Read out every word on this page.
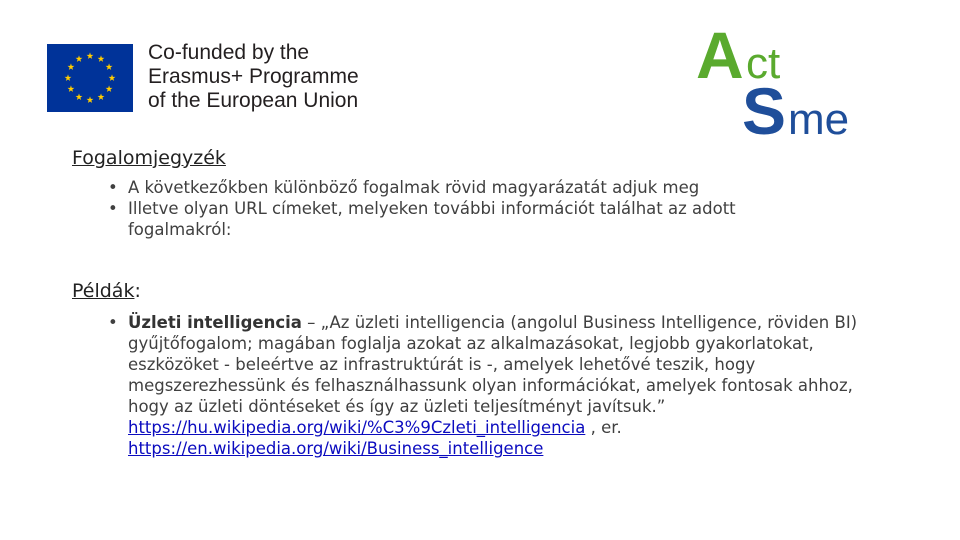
Co-funded by the
Erasmus+ Programme
of the European Union
A ct
S me
Fogalomjegyzék
• A következőkben különböző fogalmak rövid magyarázatát adjuk meg
• Illetve olyan URL címeket, melyeken további információt találhat az adott fogalmakról:
Példák:
• Üzleti intelligencia – „Az üzleti intelligencia (angolul Business Intelligence, röviden BI) gyűjtőfogalom; magában foglalja azokat az alkalmazásokat, legjobb gyakorlatokat, eszközöket - beleértve az infrastruktúrát is -, amelyek lehetővé teszik, hogy megszerezhessünk és felhasználhassunk olyan információkat, amelyek fontosak ahhoz, hogy az üzleti döntéseket és így az üzleti teljesítményt javítsuk.” https://hu.wikipedia.org/wiki/%C3%9Czleti_intelligencia , er. https://en.wikipedia.org/wiki/Business_intelligence
